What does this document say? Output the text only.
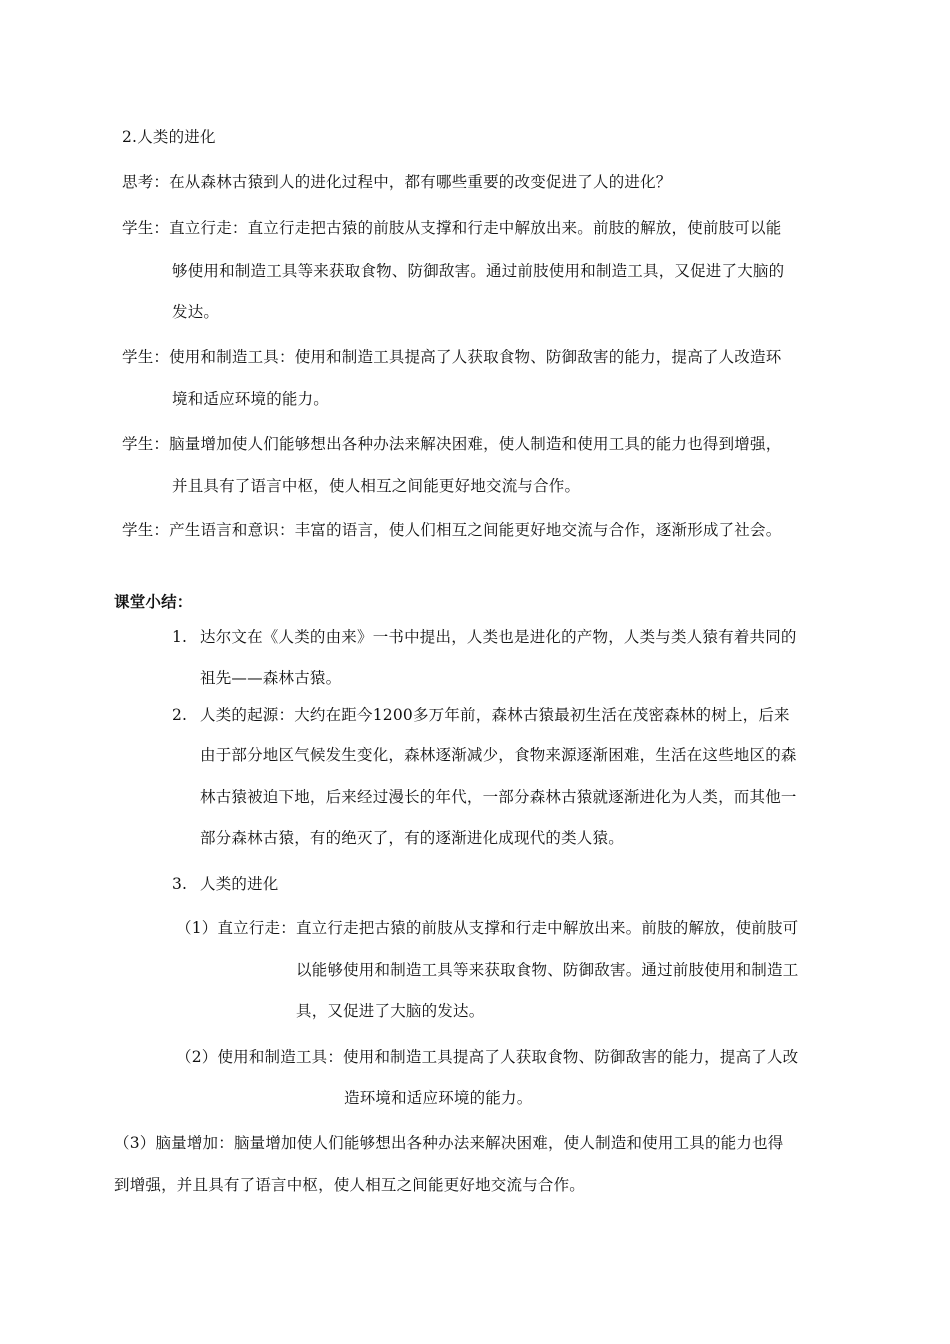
2.人类的进化
思考：在从森林古猿到人的进化过程中，都有哪些重要的改变促进了人的进化？
学生：直立行走：直立行走把古猿的前肢从支撑和行走中解放出来。前肢的解放，使前肢可以能
够使用和制造工具等来获取食物、防御敌害。通过前肢使用和制造工具，又促进了大脑的
发达。
学生：使用和制造工具：使用和制造工具提高了人获取食物、防御敌害的能力，提高了人改造环
境和适应环境的能力。
学生：脑量增加使人们能够想出各种办法来解决困难，使人制造和使用工具的能力也得到增强，
并且具有了语言中枢，使人相互之间能更好地交流与合作。
学生：产生语言和意识：丰富的语言，使人们相互之间能更好地交流与合作，逐渐形成了社会。
课堂小结：
1. 达尔文在《人类的由来》一书中提出，人类也是进化的产物，人类与类人猿有着共同的
祖先——森林古猿。
2. 人类的起源：大约在距今1200多万年前，森林古猿最初生活在茂密森林的树上，后来
由于部分地区气候发生变化，森林逐渐减少，食物来源逐渐困难，生活在这些地区的森
林古猿被迫下地，后来经过漫长的年代，一部分森林古猿就逐渐进化为人类，而其他一
部分森林古猿，有的绝灭了，有的逐渐进化成现代的类人猿。
3. 人类的进化
（1）直立行走：直立行走把古猿的前肢从支撑和行走中解放出来。前肢的解放，使前肢可
以能够使用和制造工具等来获取食物、防御敌害。通过前肢使用和制造工
具，又促进了大脑的发达。
（2）使用和制造工具：使用和制造工具提高了人获取食物、防御敌害的能力，提高了人改
造环境和适应环境的能力。
（3）脑量增加：脑量增加使人们能够想出各种办法来解决困难，使人制造和使用工具的能力也得
到增强，并且具有了语言中枢，使人相互之间能更好地交流与合作。
